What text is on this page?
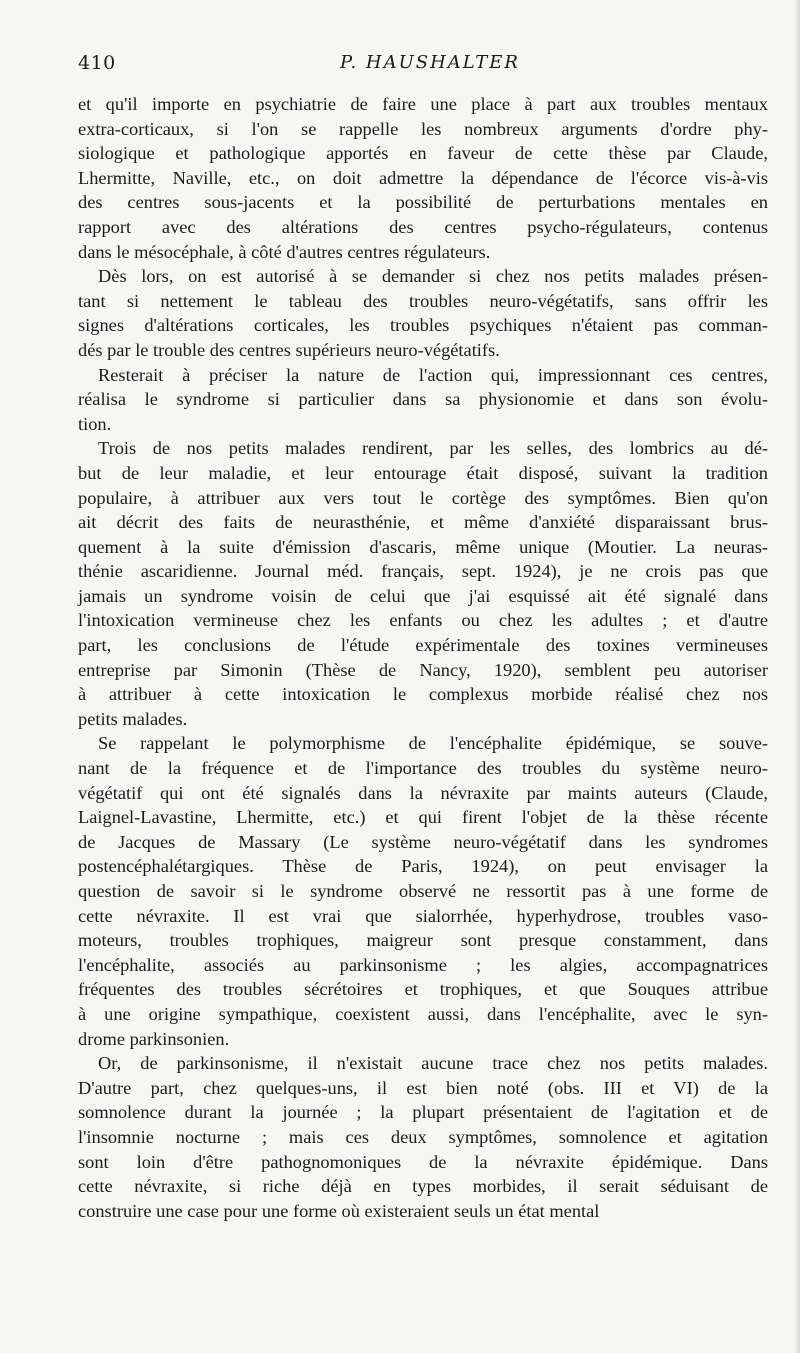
410	P. HAUSHALTER
et qu'il importe en psychiatrie de faire une place à part aux troubles mentaux
extra-corticaux, si l'on se rappelle les nombreux arguments d'ordre phy-
siologique et pathologique apportés en faveur de cette thèse par Claude,
Lhermitte, Naville, etc., on doit admettre la dépendance de l'écorce vis-à-vis
des centres sous-jacents et la possibilité de perturbations mentales en
rapport avec des altérations des centres psycho-régulateurs, contenus
dans le mésocéphale, à côté d'autres centres régulateurs.
Dès lors, on est autorisé à se demander si chez nos petits malades présen-
tant si nettement le tableau des troubles neuro-végétatifs, sans offrir les
signes d'altérations corticales, les troubles psychiques n'étaient pas comman-
dés par le trouble des centres supérieurs neuro-végétatifs.
Resterait à préciser la nature de l'action qui, impressionnant ces centres,
réalisa le syndrome si particulier dans sa physionomie et dans son évolu-
tion.
Trois de nos petits malades rendirent, par les selles, des lombrics au dé-
but de leur maladie, et leur entourage était disposé, suivant la tradition
populaire, à attribuer aux vers tout le cortège des symptômes. Bien qu'on
ait décrit des faits de neurasthénie, et même d'anxiété disparaissant brus-
quement à la suite d'émission d'ascaris, même unique (Moutier. La neuras-
thénie ascaridienne. Journal méd. français, sept. 1924), je ne crois pas que
jamais un syndrome voisin de celui que j'ai esquissé ait été signalé dans
l'intoxication vermineuse chez les enfants ou chez les adultes ; et d'autre
part, les conclusions de l'étude expérimentale des toxines vermineuses
entreprise par Simonin (Thèse de Nancy, 1920), semblent peu autoriser
à attribuer à cette intoxication le complexus morbide réalisé chez nos
petits malades.
Se rappelant le polymorphisme de l'encéphalite épidémique, se souve-
nant de la fréquence et de l'importance des troubles du système neuro-
végétatif qui ont été signalés dans la névraxite par maints auteurs (Claude,
Laignel-Lavastine, Lhermitte, etc.) et qui firent l'objet de la thèse récente
de Jacques de Massary (Le système neuro-végétatif dans les syndromes
postencéphalétargiques. Thèse de Paris, 1924), on peut envisager la
question de savoir si le syndrome observé ne ressortit pas à une forme de
cette névraxite. Il est vrai que sialorrhée, hyperhydrose, troubles vaso-
moteurs, troubles trophiques, maigreur sont presque constamment, dans
l'encéphalite, associés au parkinsonisme ; les algies, accompagnatrices
fréquentes des troubles sécrétoires et trophiques, et que Souques attribue
à une origine sympathique, coexistent aussi, dans l'encéphalite, avec le syn-
drome parkinsonien.
Or, de parkinsonisme, il n'existait aucune trace chez nos petits malades.
D'autre part, chez quelques-uns, il est bien noté (obs. III et VI) de la
somnolence durant la journée ; la plupart présentaient de l'agitation et de
l'insomnie nocturne ; mais ces deux symptômes, somnolence et agitation
sont loin d'être pathognomoniques de la névraxite épidémique. Dans
cette névraxite, si riche déjà en types morbides, il serait séduisant de
construire une case pour une forme où existeraient seuls un état mental
